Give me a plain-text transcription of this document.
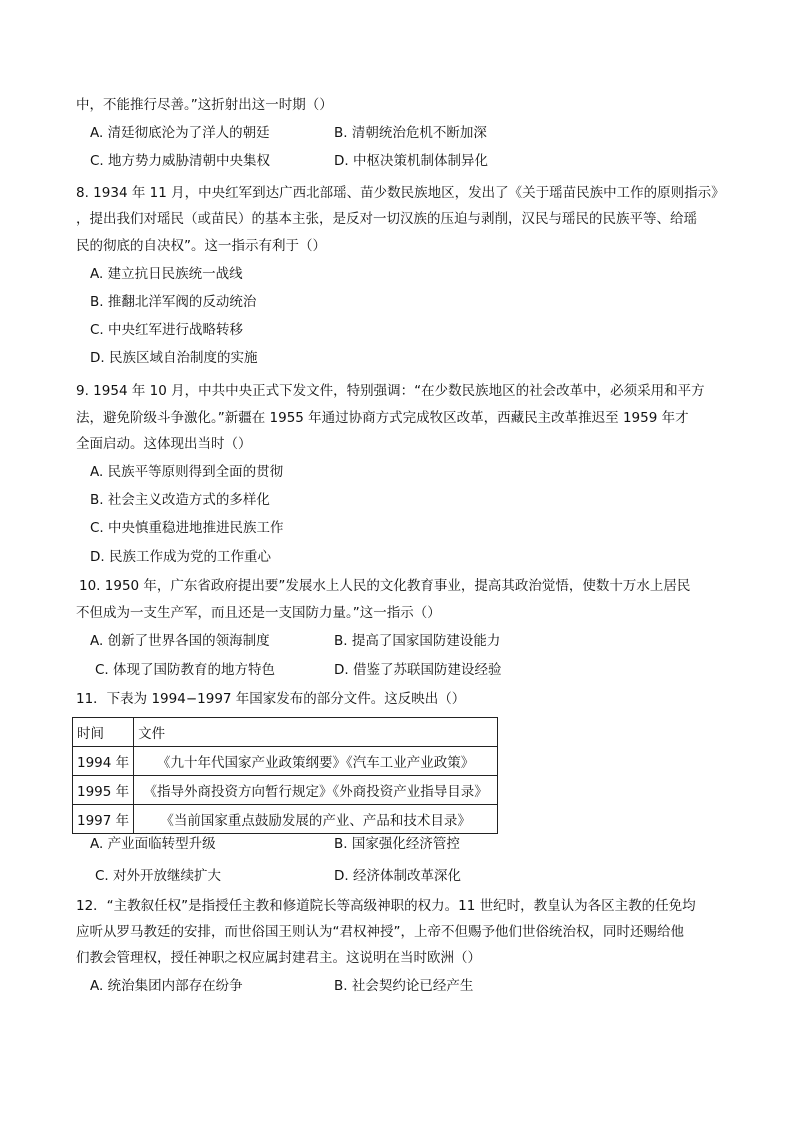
中，不能推行尽善。”这折射出这一时期（）
A. 清廷彻底沦为了洋人的朝廷	B. 清朝统治危机不断加深
C. 地方势力威胁清朝中央集权	D. 中枢决策机制体制异化
8. 1934 年 11 月，中央红军到达广西北部瑶、苗少数民族地区，发出了《关于瑶苗民族中工作的原则指示》
，提出我们对瑶民（或苗民）的基本主张，是反对一切汉族的压迫与剥削，汉民与瑶民的民族平等、给瑶
民的彻底的自决权”。这一指示有利于（）
A. 建立抗日民族统一战线
B. 推翻北洋军阀的反动统治
C. 中央红军进行战略转移
D. 民族区域自治制度的实施
9. 1954 年 10 月，中共中央正式下发文件，特别强调：“在少数民族地区的社会改革中，必须采用和平方
法，避免阶级斗争激化。”新疆在 1955 年通过协商方式完成牧区改革，西藏民主改革推迟至 1959 年才
全面启动。这体现出当时（）
A. 民族平等原则得到全面的贯彻
B. 社会主义改造方式的多样化
C. 中央慎重稳进地推进民族工作
D. 民族工作成为党的工作重心
10. 1950 年，广东省政府提出要”发展水上人民的文化教育事业，提高其政治觉悟，使数十万水上居民
不但成为一支生产军，而且还是一支国防力量。”这一指示（）
A. 创新了世界各国的领海制度	B. 提高了国家国防建设能力
C. 体现了国防教育的地方特色	D. 借鉴了苏联国防建设经验
11．下表为 1994−1997 年国家发布的部分文件。这反映出（）
时间	文件
1994 年	《九十年代国家产业政策纲要》《汽车工业产业政策》
1995 年	《指导外商投资方向暂行规定》《外商投资产业指导目录》
1997 年	《当前国家重点鼓励发展的产业、产品和技术目录》
A. 产业面临转型升级	B. 国家强化经济管控
C. 对外开放继续扩大	D. 经济体制改革深化
12．“主教叙任权”是指授任主教和修道院长等高级神职的权力。11 世纪时，教皇认为各区主教的任免均
应听从罗马教廷的安排，而世俗国王则认为“君权神授”，上帝不但赐予他们世俗统治权，同时还赐给他
们教会管理权，授任神职之权应属封建君主。这说明在当时欧洲（）
A. 统治集团内部存在纷争	B. 社会契约论已经产生
